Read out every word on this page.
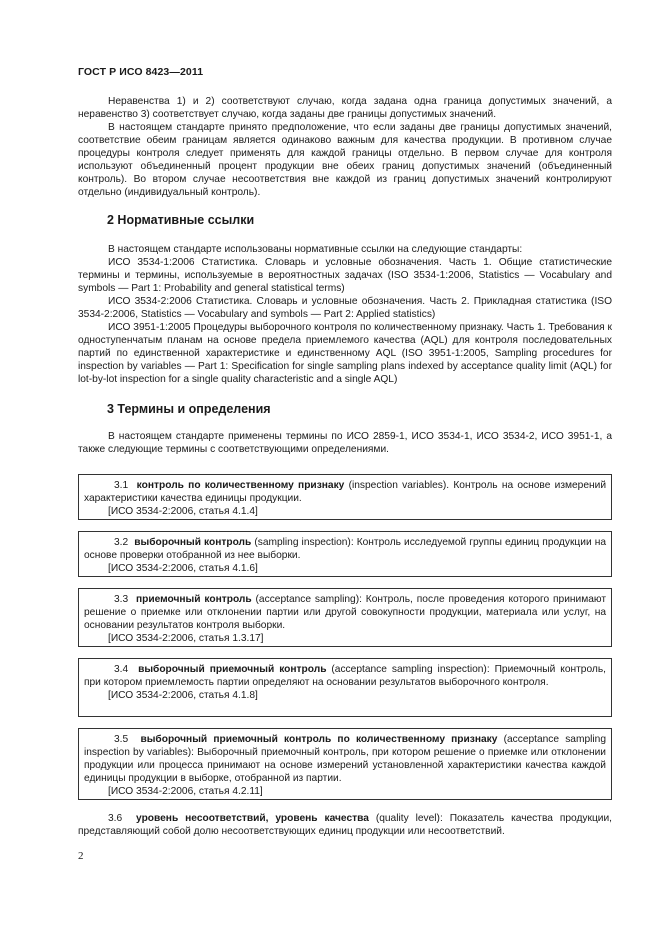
ГОСТ Р ИСО 8423—2011

Неравенства 1) и 2) соответствуют случаю, когда задана одна граница допустимых значений, а неравенство 3) соответствует случаю, когда заданы две границы допустимых значений.

В настоящем стандарте принято предположение, что если заданы две границы допустимых значений, соответствие обеим границам является одинаково важным для качества продукции. В противном случае процедуры контроля следует применять для каждой границы отдельно. В первом случае для контроля используют объединенный процент продукции вне обеих границ допустимых значений (объединенный контроль). Во втором случае несоответствия вне каждой из границ допустимых значений контролируют отдельно (индивидуальный контроль).

2 Нормативные ссылки

В настоящем стандарте использованы нормативные ссылки на следующие стандарты:

ИСО 3534-1:2006 Статистика. Словарь и условные обозначения. Часть 1. Общие статистические термины и термины, используемые в вероятностных задачах (ISO 3534-1:2006, Statistics — Vocabulary and symbols — Part 1: Probability and general statistical terms)

ИСО 3534-2:2006 Статистика. Словарь и условные обозначения. Часть 2. Прикладная статистика (ISO 3534-2:2006, Statistics — Vocabulary and symbols — Part 2: Applied statistics)

ИСО 3951-1:2005 Процедуры выборочного контроля по количественному признаку. Часть 1. Требования к одноступенчатым планам на основе предела приемлемого качества (AQL) для контроля последовательных партий по единственной характеристике и единственному AQL (ISO 3951-1:2005, Sampling procedures for inspection by variables — Part 1: Specification for single sampling plans indexed by acceptance quality limit (AQL) for lot-by-lot inspection for a single quality characteristic and a single AQL)

3 Термины и определения

В настоящем стандарте применены термины по ИСО 2859-1, ИСО 3534-1, ИСО 3534-2, ИСО 3951-1, а также следующие термины с соответствующими определениями.

3.1 контроль по количественному признаку (inspection variables). Контроль на основе измерений характеристики качества единицы продукции.

[ИСО 3534-2:2006, статья 4.1.4]

3.2 выборочный контроль (sampling inspection): Контроль исследуемой группы единиц продукции на основе проверки отобранной из нее выборки.

[ИСО 3534-2:2006, статья 4.1.6]

3.3 приемочный контроль (acceptance sampling): Контроль, после проведения которого принимают решение о приемке или отклонении партии или другой совокупности продукции, материала или услуг, на основании результатов контроля выборки.

[ИСО 3534-2:2006, статья 1.3.17]

3.4 выборочный приемочный контроль (acceptance sampling inspection): Приемочный контроль, при котором приемлемость партии определяют на основании результатов выборочного контроля.

[ИСО 3534-2:2006, статья 4.1.8]

3.5 выборочный приемочный контроль по количественному признаку (acceptance sampling inspection by variables): Выборочный приемочный контроль, при котором решение о приемке или отклонении продукции или процесса принимают на основе измерений установленной характеристики качества каждой единицы продукции в выборке, отобранной из партии.

[ИСО 3534-2:2006, статья 4.2.11]

3.6 уровень несоответствий, уровень качества (quality level): Показатель качества продукции, представляющий собой долю несоответствующих единиц продукции или несоответствий.

2
